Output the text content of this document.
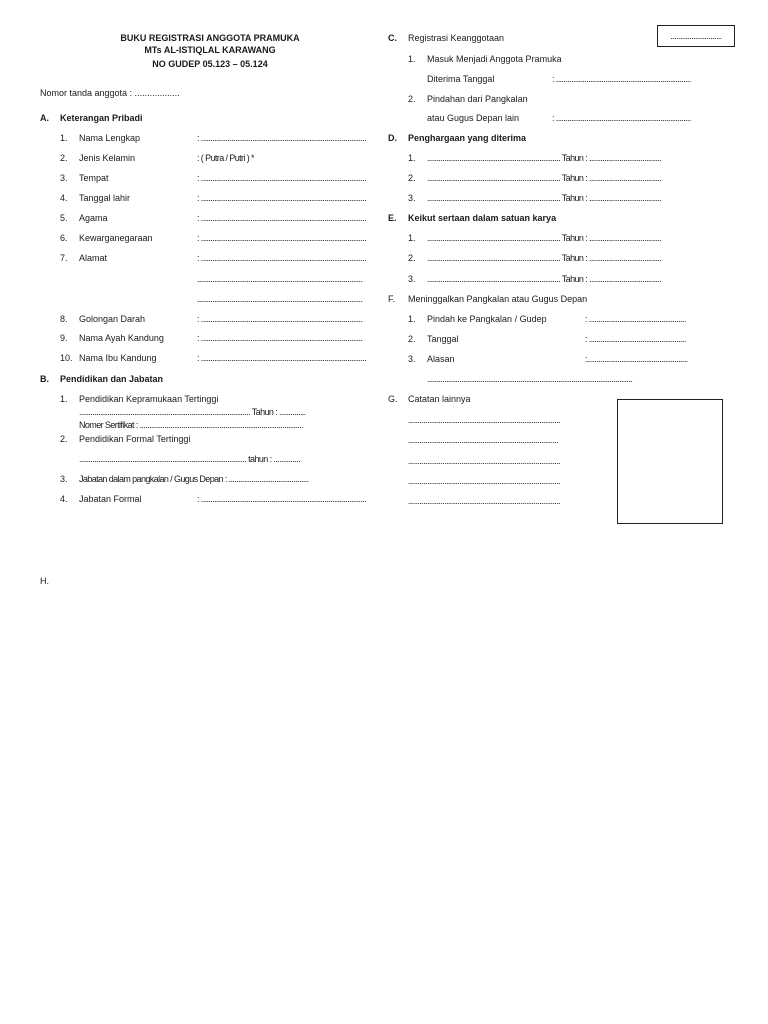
BUKU REGISTRASI ANGGOTA PRAMUKA
MTs AL-ISTIQLAL KARAWANG
NO GUDEP 05.123 – 05.124
...........................
Nomor tanda anggota : ..................
A. Keterangan Pribadi
1. Nama Lengkap	: .......................................................................................
2. Jenis Kelamin	: ( Putra / Putri ) *
3. Tempat	: .......................................................................................
4. Tanggal lahir	: .......................................................................................
5. Agama	: .......................................................................................
6. Kewarganegaraan	: .......................................................................................
7. Alamat	: .......................................................................................
.......................................................................................
.......................................................................................
8. Golongan Darah	: .....................................................................................
9. Nama Ayah Kandung	: .....................................................................................
10. Nama Ibu Kandung	: .......................................................................................
B. Pendidikan dan Jabatan
1. Pendidikan Kepramukaan Tertinggi
.......................................................................................... Tahun : ..............
Nomer Sertifikat : ......................................................................................
2. Pendidikan Formal Tertinggi
........................................................................................ tahun : ..............
3. Jabatan dalam pangkalan / Gugus Depan : ..........................................
4. Jabatan Formal	: .......................................................................................
C. Registrasi Keanggotaan
1. Masuk Menjadi Anggota Pramuka
Diterima Tanggal	: .......................................................................
2. Pindahan dari Pangkalan
atau Gugus Depan lain	: .......................................................................
D. Penghargaan yang diterima
1. ...................................................................... Tahun : ......................................
2. ...................................................................... Tahun : ......................................
3. ...................................................................... Tahun : ......................................
E. Keikut sertaan dalam satuan karya
1. ...................................................................... Tahun : ......................................
2. ...................................................................... Tahun : ......................................
3. ...................................................................... Tahun : ......................................
F. Meninggalkan Pangkalan atau Gugus Depan
1. Pindah ke Pangkalan / Gudep	: ...................................................
2. Tanggal	: ...................................................
3. Alasan	:.....................................................
............................................................................................................
G. Catatan lainnya
................................................................................
...............................................................................
................................................................................
................................................................................
................................................................................
H.
